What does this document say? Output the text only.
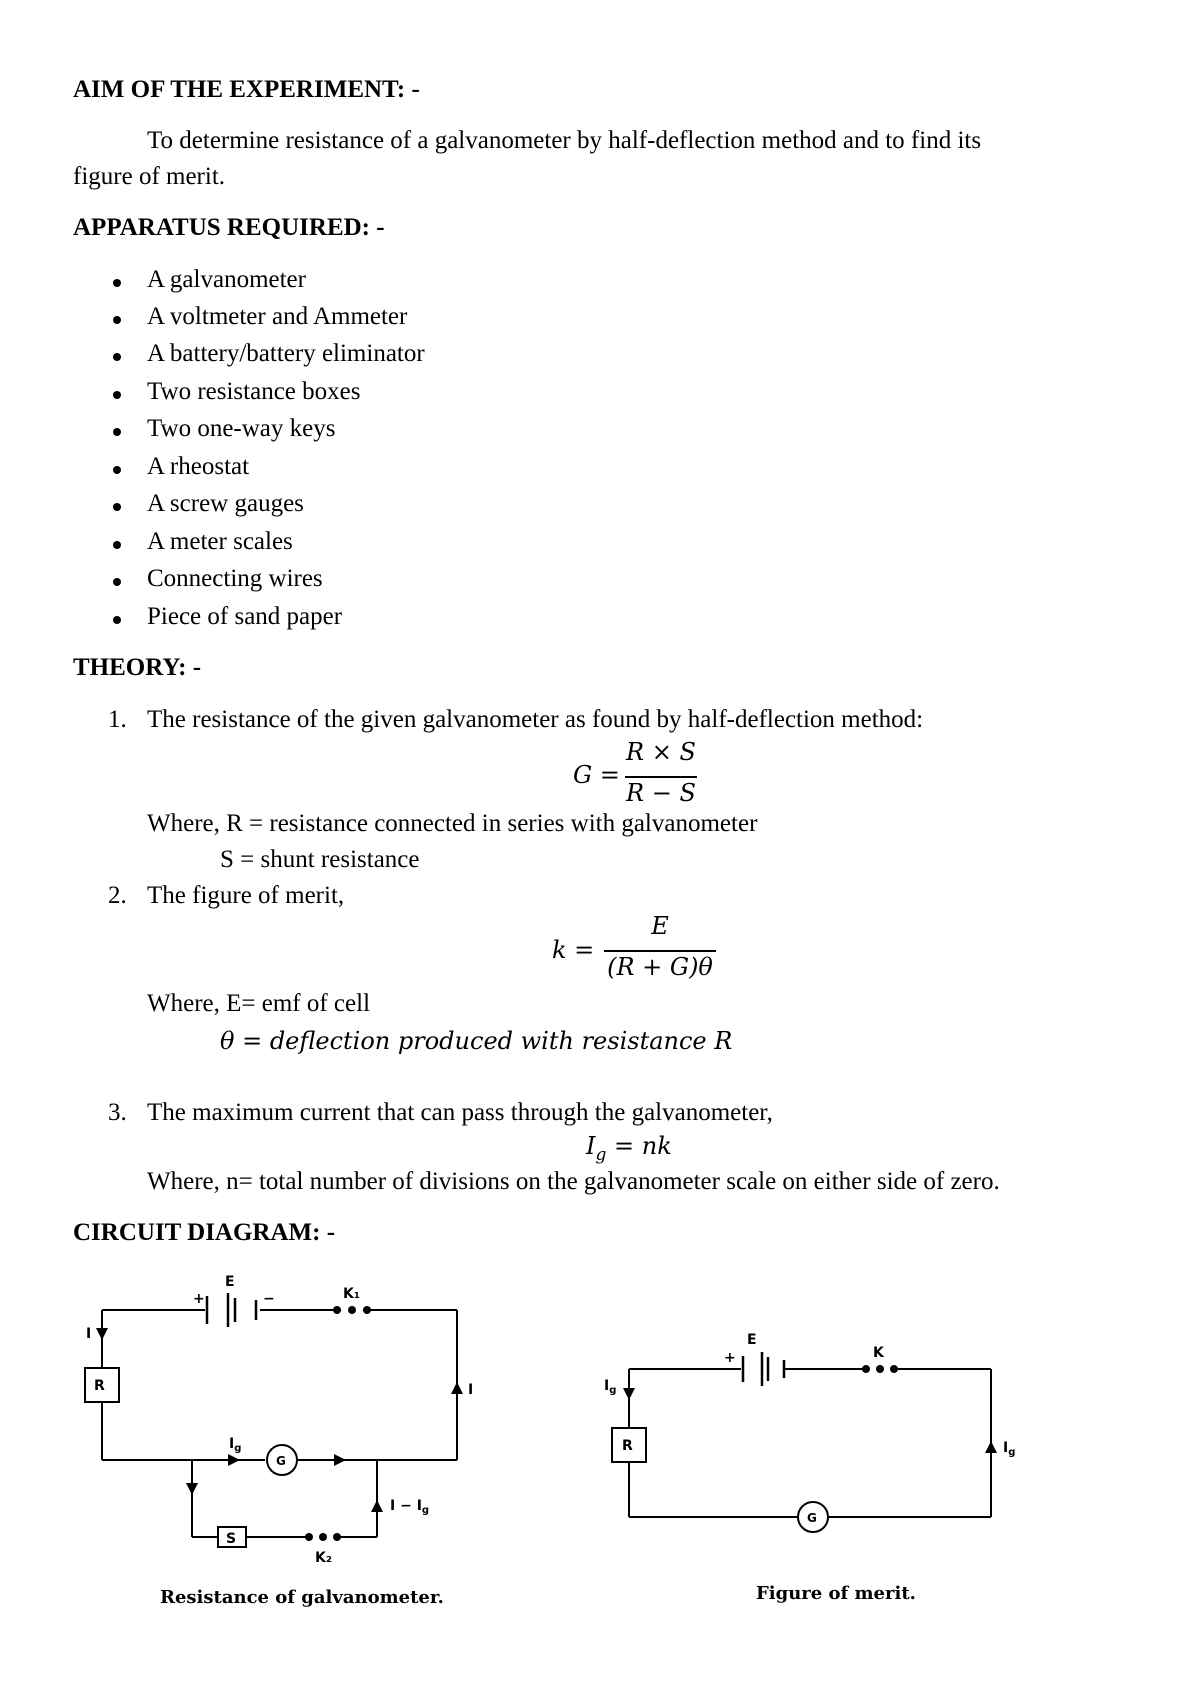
AIM OF THE EXPERIMENT: -
To determine resistance of a galvanometer by half-deflection method and to find its
figure of merit.
APPARATUS REQUIRED: -
A galvanometer
A voltmeter and Ammeter
A battery/battery eliminator
Two resistance boxes
Two one-way keys
A rheostat
A screw gauges
A meter scales
Connecting wires
Piece of sand paper
THEORY: -
1. The resistance of the given galvanometer as found by half-deflection method:
G =
R × S
R − S
Where, R = resistance connected in series with galvanometer
S = shunt resistance
2. The figure of merit,
k =
E
(R + G)θ
Where, E= emf of cell
θ = deflection produced with resistance R
3. The maximum current that can pass through the galvanometer,
$I_g$ = nk
Where, n= total number of divisions on the galvanometer scale on either side of zero.
CIRCUIT DIAGRAM: -
E
+	−	K₁
I
I
R
G
$I_g$
S
K₂
$I - I_g$
E
+	K
$I_g$
R
G
$I_g$
Resistance of galvanometer.	Figure of merit.
